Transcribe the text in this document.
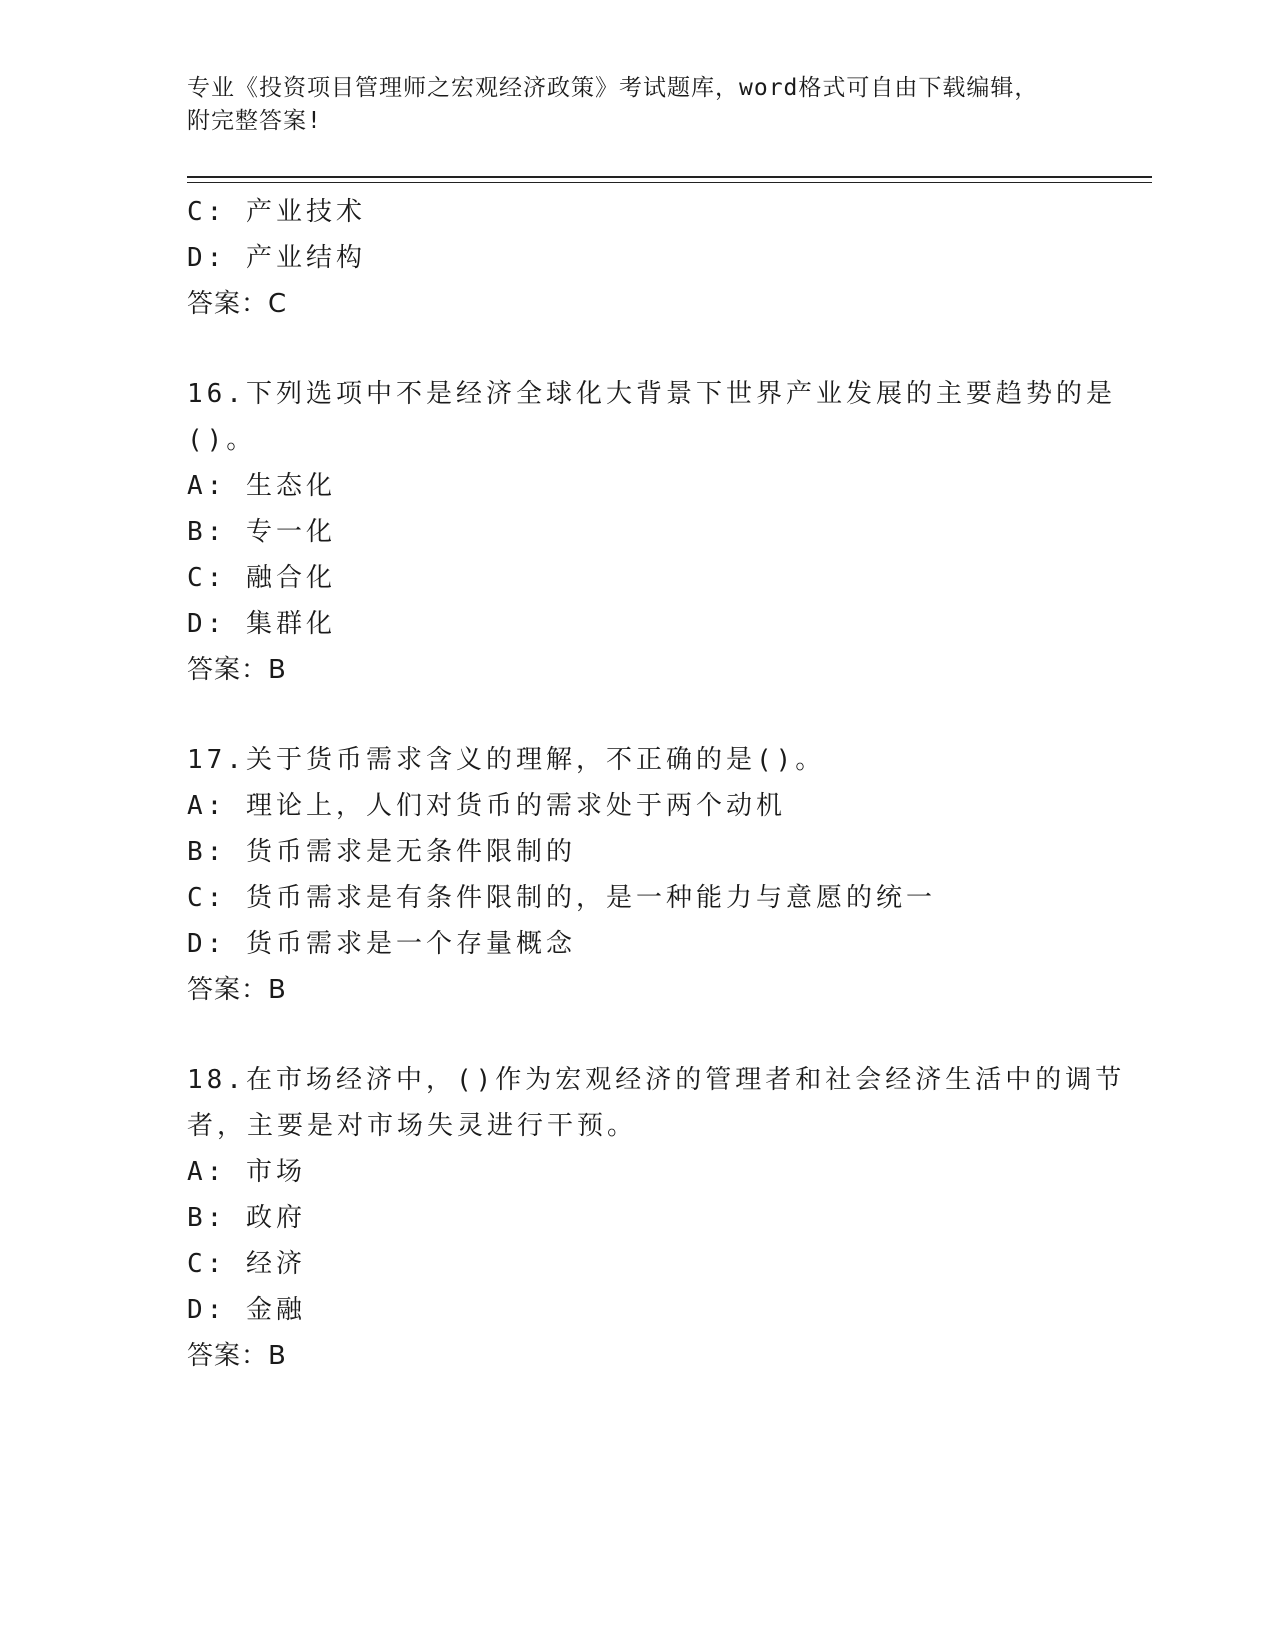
专业《投资项目管理师之宏观经济政策》考试题库，word格式可自由下载编辑，
附完整答案!
C: 产业技术
D: 产业结构
答案：C
16.下列选项中不是经济全球化大背景下世界产业发展的主要趋势的是
()。
A: 生态化
B: 专一化
C: 融合化
D: 集群化
答案：B
17.关于货币需求含义的理解，不正确的是()。
A: 理论上，人们对货币的需求处于两个动机
B: 货币需求是无条件限制的
C: 货币需求是有条件限制的，是一种能力与意愿的统一
D: 货币需求是一个存量概念
答案：B
18.在市场经济中，()作为宏观经济的管理者和社会经济生活中的调节
者，主要是对市场失灵进行干预。
A: 市场
B: 政府
C: 经济
D: 金融
答案：B
